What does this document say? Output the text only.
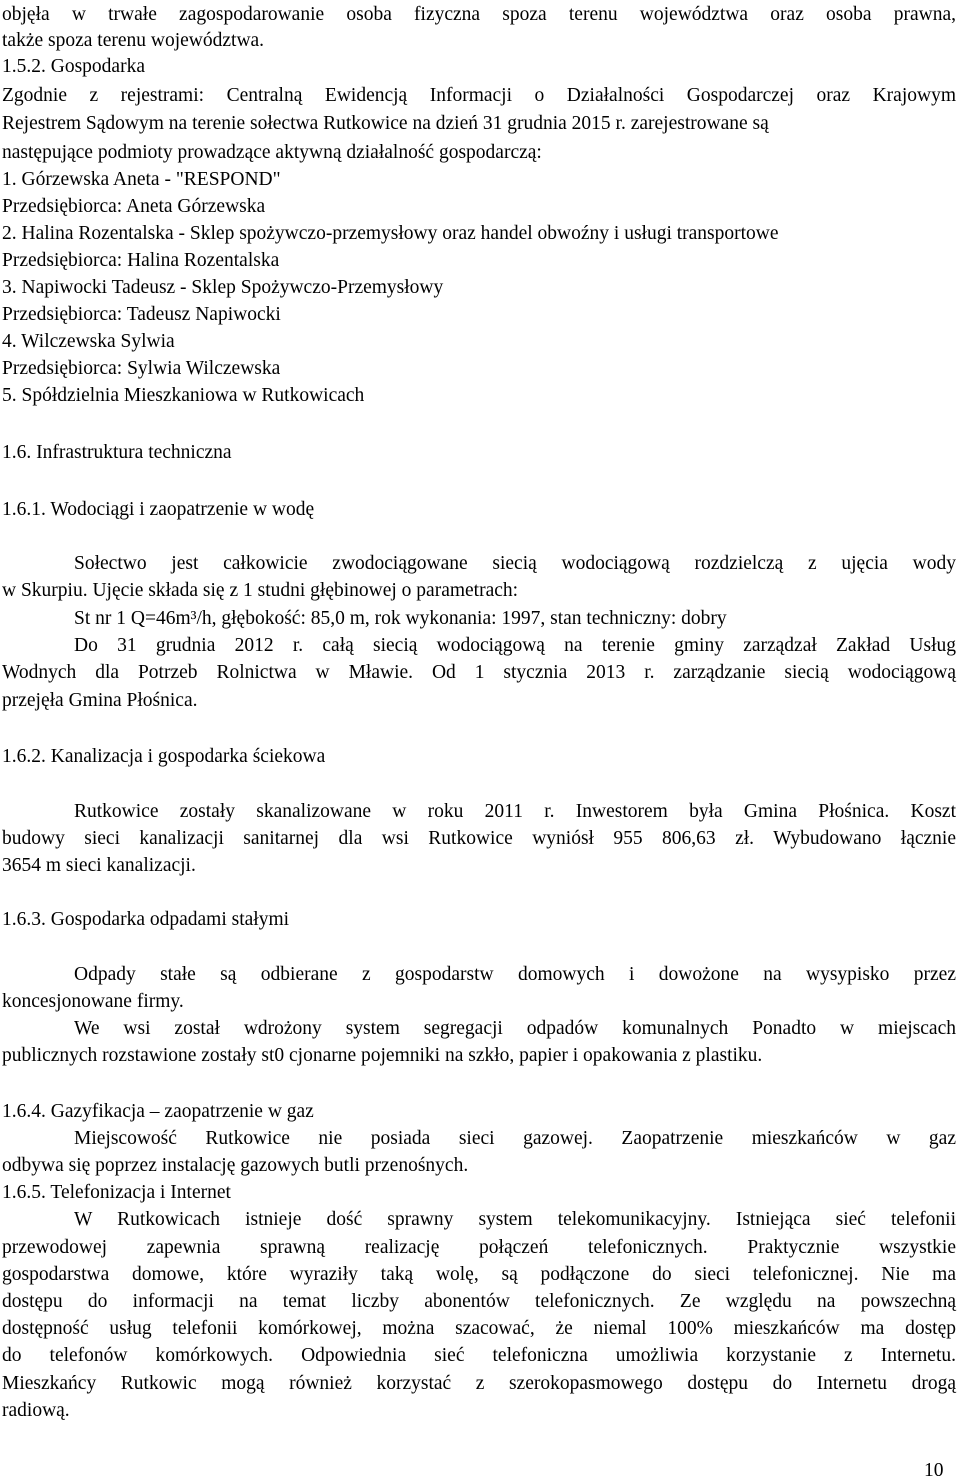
objęła w trwałe zagospodarowanie osoba fizyczna spoza terenu województwa oraz osoba prawna,
także spoza terenu województwa.
1.5.2. Gospodarka
Zgodnie z rejestrami: Centralną Ewidencją Informacji o Działalności Gospodarczej oraz Krajowym
Rejestrem Sądowym na terenie sołectwa Rutkowice na dzień 31 grudnia 2015 r. zarejestrowane są
następujące podmioty prowadzące aktywną działalność gospodarczą:
1. Górzewska Aneta - "RESPOND"
Przedsiębiorca: Aneta Górzewska
2. Halina Rozentalska - Sklep spożywczo-przemysłowy oraz handel obwoźny i usługi transportowe
Przedsiębiorca: Halina Rozentalska
3. Napiwocki Tadeusz - Sklep Spożywczo-Przemysłowy
Przedsiębiorca: Tadeusz Napiwocki
4. Wilczewska Sylwia
Przedsiębiorca: Sylwia Wilczewska
5. Spółdzielnia Mieszkaniowa w Rutkowicach
1.6. Infrastruktura techniczna
1.6.1. Wodociągi i zaopatrzenie w wodę
Sołectwo jest całkowicie zwodociągowane siecią wodociągową rozdzielczą z ujęcia wody
w Skurpiu. Ujęcie składa się z 1 studni głębinowej o parametrach:
St nr 1 Q=46m³/h, głębokość: 85,0 m, rok wykonania: 1997, stan techniczny: dobry
Do 31 grudnia 2012 r. całą siecią wodociągową na terenie gminy zarządzał Zakład Usług
Wodnych dla Potrzeb Rolnictwa w Mławie. Od 1 stycznia 2013 r. zarządzanie siecią wodociągową
przejęła Gmina Płośnica.
1.6.2. Kanalizacja i gospodarka ściekowa
Rutkowice zostały skanalizowane w roku 2011 r. Inwestorem była Gmina Płośnica. Koszt
budowy sieci kanalizacji sanitarnej dla wsi Rutkowice wyniósł 955 806,63 zł. Wybudowano łącznie
3654 m sieci kanalizacji.
1.6.3. Gospodarka odpadami stałymi
Odpady stałe są odbierane z gospodarstw domowych i dowożone na wysypisko przez
koncesjonowane firmy.
We wsi został wdrożony system segregacji odpadów komunalnych Ponadto w miejscach
publicznych rozstawione zostały st0 cjonarne pojemniki na szkło, papier i opakowania z plastiku.
1.6.4. Gazyfikacja – zaopatrzenie w gaz
Miejscowość Rutkowice nie posiada sieci gazowej. Zaopatrzenie mieszkańców w gaz
odbywa się poprzez instalację gazowych butli przenośnych.
1.6.5. Telefonizacja i Internet
W Rutkowicach istnieje dość sprawny system telekomunikacyjny. Istniejąca sieć telefonii
przewodowej zapewnia sprawną realizację połączeń telefonicznych. Praktycznie wszystkie
gospodarstwa domowe, które wyraziły taką wolę, są podłączone do sieci telefonicznej. Nie ma
dostępu do informacji na temat liczby abonentów telefonicznych. Ze względu na powszechną
dostępność usług telefonii komórkowej, można szacować, że niemal 100% mieszkańców ma dostęp
do telefonów komórkowych. Odpowiednia sieć telefoniczna umożliwia korzystanie z Internetu.
Mieszkańcy Rutkowic mogą również korzystać z szerokopasmowego dostępu do Internetu drogą
radiową.
10
